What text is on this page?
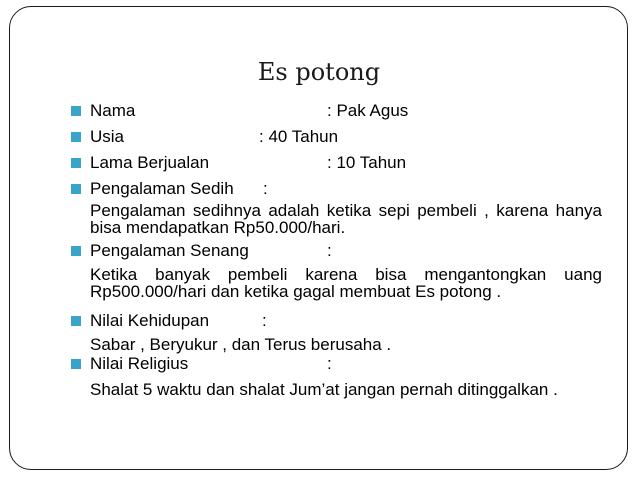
Es potong
Nama	: Pak Agus
Usia	: 40 Tahun
Lama Berjualan	: 10 Tahun
Pengalaman Sedih :
Pengalaman sedihnya adalah ketika sepi pembeli , karena hanya bisa mendapatkan Rp50.000/hari.
Pengalaman Senang	:
Ketika banyak pembeli karena bisa mengantongkan uang Rp500.000/hari dan ketika gagal membuat Es potong .
Nilai Kehidupan	:
Sabar , Beryukur , dan Terus berusaha .
Nilai Religius	:
Shalat 5 waktu dan shalat Jum’at jangan pernah ditinggalkan .
